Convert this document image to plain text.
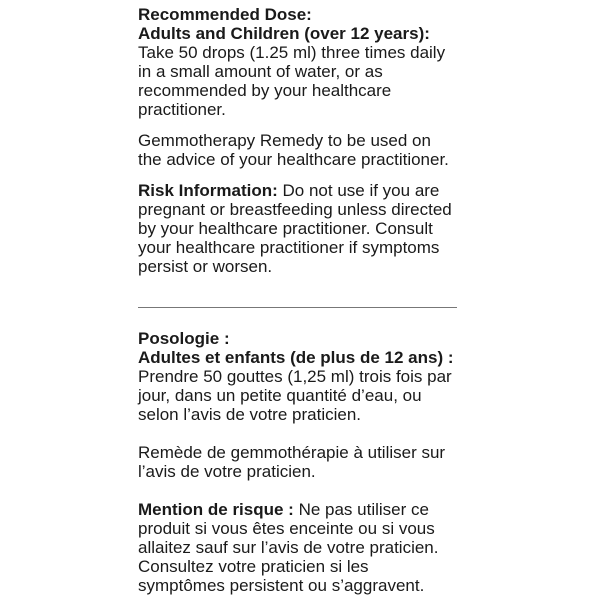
Recommended Dose:
Adults and Children (over 12 years):
Take 50 drops (1.25 ml) three times daily
in a small amount of water, or as
recommended by your healthcare
practitioner.
Gemmotherapy Remedy to be used on
the advice of your healthcare practitioner.
Risk Information: Do not use if you are
pregnant or breastfeeding unless directed
by your healthcare practitioner. Consult
your healthcare practitioner if symptoms
persist or worsen.
Posologie :
Adultes et enfants (de plus de 12 ans) :
Prendre 50 gouttes (1,25 ml) trois fois par
jour, dans un petite quantité d’eau, ou
selon l’avis de votre praticien.
Remède de gemmothérapie à utiliser sur
l’avis de votre praticien.
Mention de risque : Ne pas utiliser ce
produit si vous êtes enceinte ou si vous
allaitez sauf sur l’avis de votre praticien.
Consultez votre praticien si les
symptômes persistent ou s’aggravent.
